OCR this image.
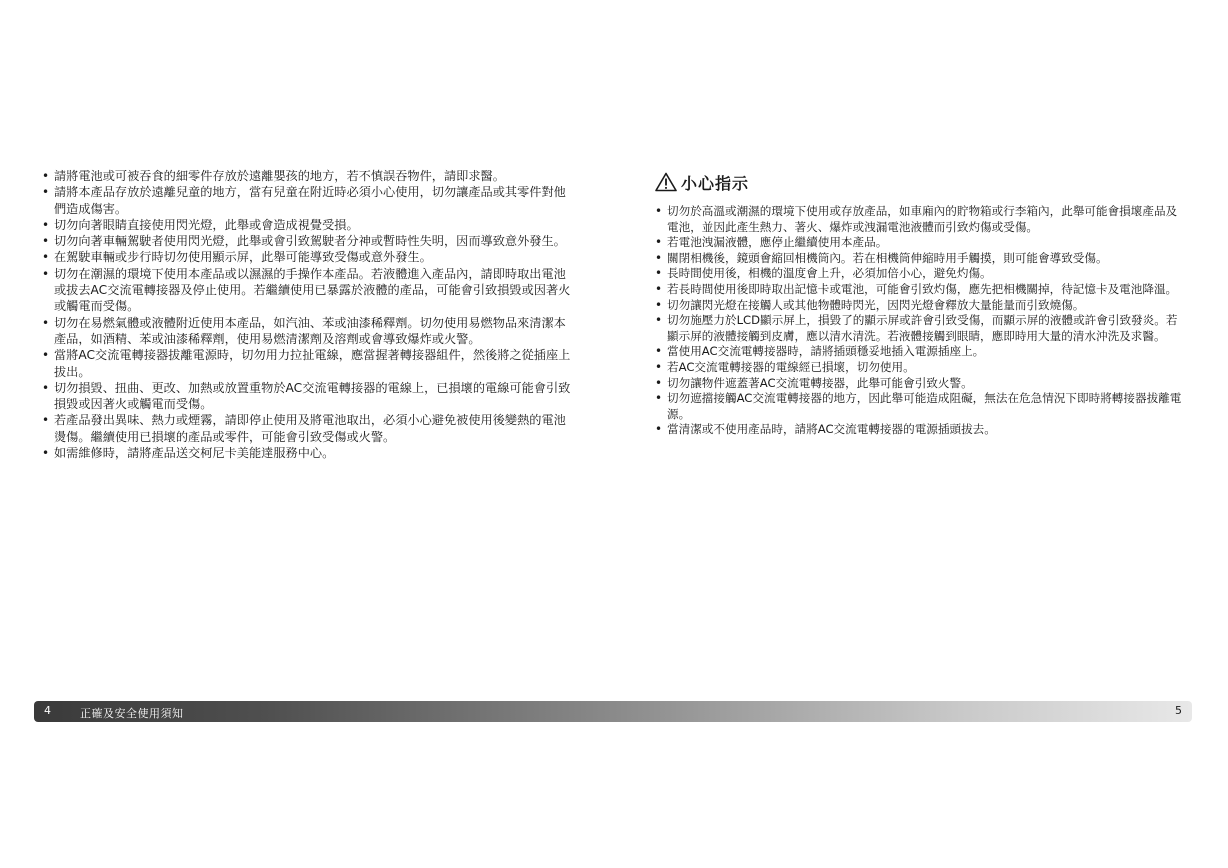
• 請將電池或可被吞食的細零件存放於遠離嬰孩的地方，若不慎誤吞物件，請即求醫。
• 請將本產品存放於遠離兒童的地方，當有兒童在附近時必須小心使用，切勿讓產品或其零件對他們造成傷害。
• 切勿向著眼睛直接使用閃光燈，此舉或會造成視覺受損。
• 切勿向著車輛駕駛者使用閃光燈，此舉或會引致駕駛者分神或暫時性失明，因而導致意外發生。
• 在駕駛車輛或步行時切勿使用顯示屏，此舉可能導致受傷或意外發生。
• 切勿在潮濕的環境下使用本產品或以濕濕的手操作本產品。若液體進入產品內，請即時取出電池或拔去AC交流電轉接器及停止使用。若繼續使用已暴露於液體的產品，可能會引致損毀或因著火或觸電而受傷。
• 切勿在易燃氣體或液體附近使用本產品，如汽油、苯或油漆稀釋劑。切勿使用易燃物品來清潔本產品，如酒精、苯或油漆稀釋劑，使用易燃清潔劑及溶劑或會導致爆炸或火警。
• 當將AC交流電轉接器拔離電源時，切勿用力拉扯電線，應當握著轉接器組件，然後將之從插座上拔出。
• 切勿損毀、扭曲、更改、加熱或放置重物於AC交流電轉接器的電線上，已損壞的電線可能會引致損毀或因著火或觸電而受傷。
• 若產品發出異味、熱力或煙霧，請即停止使用及將電池取出，必須小心避免被使用後變熱的電池燙傷。繼續使用已損壞的產品或零件，可能會引致受傷或火警。
• 如需維修時，請將產品送交柯尼卡美能達服務中心。
小心指示
• 切勿於高溫或潮濕的環境下使用或存放產品，如車廂內的貯物箱或行李箱內，此舉可能會損壞產品及電池，並因此產生熱力、著火、爆炸或洩漏電池液體而引致灼傷或受傷。
• 若電池洩漏液體，應停止繼續使用本產品。
• 關閉相機後，鏡頭會縮回相機筒內。若在相機筒伸縮時用手觸摸，則可能會導致受傷。
• 長時間使用後，相機的溫度會上升，必須加倍小心，避免灼傷。
• 若長時間使用後即時取出記憶卡或電池，可能會引致灼傷，應先把相機關掉，待記憶卡及電池降溫。
• 切勿讓閃光燈在接觸人或其他物體時閃光，因閃光燈會釋放大量能量而引致燒傷。
• 切勿施壓力於LCD顯示屏上，損毀了的顯示屏或許會引致受傷，而顯示屏的液體或許會引致發炎。若顯示屏的液體接觸到皮膚，應以清水清洗。若液體接觸到眼睛，應即時用大量的清水沖洗及求醫。
• 當使用AC交流電轉接器時，請將插頭穩妥地插入電源插座上。
• 若AC交流電轉接器的電線經已損壞，切勿使用。
• 切勿讓物件遮蓋著AC交流電轉接器，此舉可能會引致火警。
• 切勿遮擋接觸AC交流電轉接器的地方，因此舉可能造成阻礙，無法在危急情況下即時將轉接器拔離電源。
• 當清潔或不使用產品時，請將AC交流電轉接器的電源插頭拔去。
4	正確及安全使用須知	5
